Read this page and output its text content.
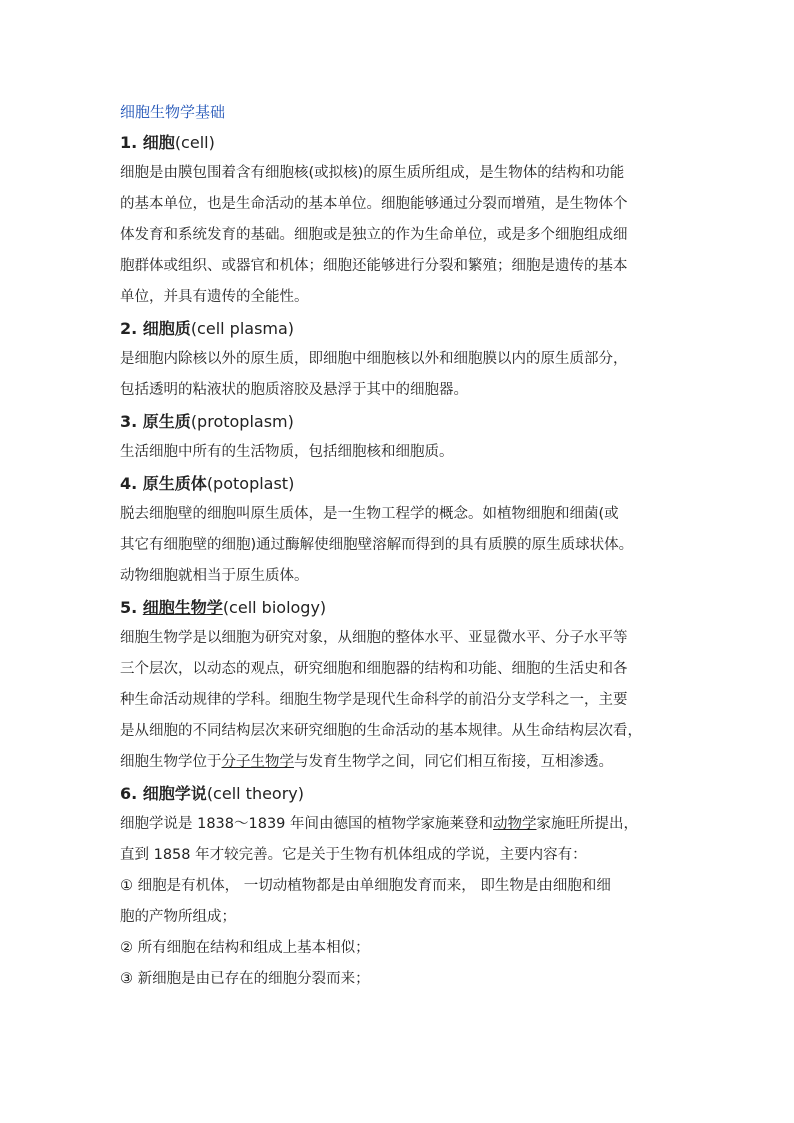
细胞生物学基础
1. 细胞(cell)
细胞是由膜包围着含有细胞核(或拟核)的原生质所组成，是生物体的结构和功能
的基本单位，也是生命活动的基本单位。细胞能够通过分裂而增殖，是生物体个
体发育和系统发育的基础。细胞或是独立的作为生命单位，或是多个细胞组成细
胞群体或组织、或器官和机体；细胞还能够进行分裂和繁殖；细胞是遗传的基本
单位，并具有遗传的全能性。
2. 细胞质(cell plasma)
是细胞内除核以外的原生质，即细胞中细胞核以外和细胞膜以内的原生质部分，
包括透明的粘液状的胞质溶胶及悬浮于其中的细胞器。
3. 原生质(protoplasm)
生活细胞中所有的生活物质，包括细胞核和细胞质。
4. 原生质体(potoplast)
脱去细胞壁的细胞叫原生质体，是一生物工程学的概念。如植物细胞和细菌(或
其它有细胞壁的细胞)通过酶解使细胞壁溶解而得到的具有质膜的原生质球状体。
动物细胞就相当于原生质体。
5. 细胞生物学(cell biology)
细胞生物学是以细胞为研究对象，从细胞的整体水平、亚显微水平、分子水平等
三个层次，以动态的观点，研究细胞和细胞器的结构和功能、细胞的生活史和各
种生命活动规律的学科。细胞生物学是现代生命科学的前沿分支学科之一，主要
是从细胞的不同结构层次来研究细胞的生命活动的基本规律。从生命结构层次看，
细胞生物学位于分子生物学与发育生物学之间，同它们相互衔接，互相渗透。
6. 细胞学说(cell theory)
细胞学说是 1838～1839 年间由德国的植物学家施莱登和动物学家施旺所提出，
直到 1858 年才较完善。它是关于生物有机体组成的学说，主要内容有：
① 细胞是有机体， 一切动植物都是由单细胞发育而来， 即生物是由细胞和细
胞的产物所组成；
② 所有细胞在结构和组成上基本相似；
③ 新细胞是由已存在的细胞分裂而来；
